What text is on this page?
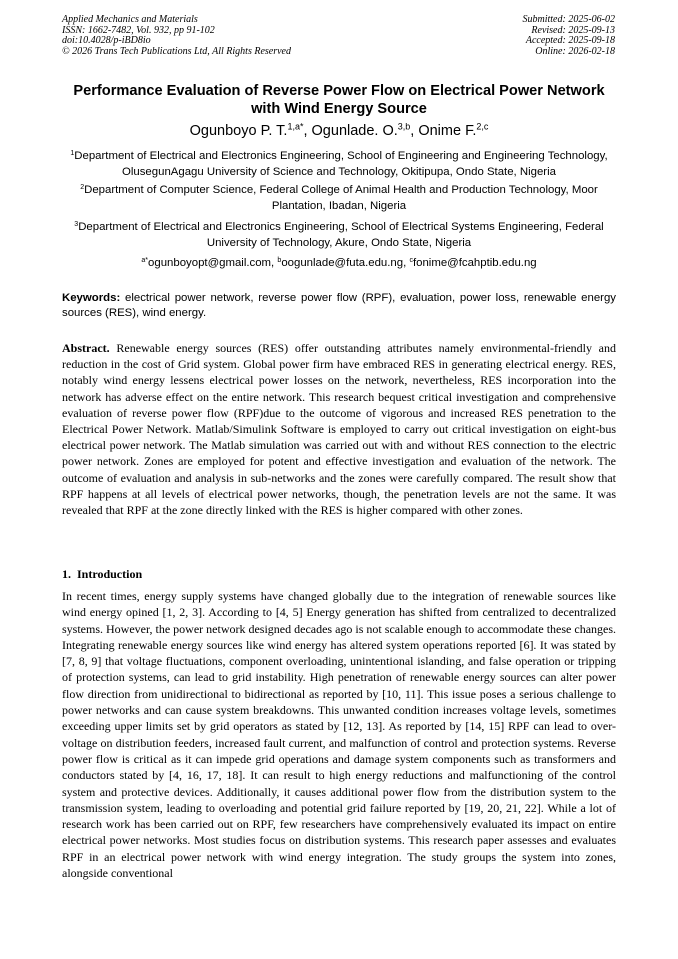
Applied Mechanics and Materials
ISSN: 1662-7482, Vol. 932, pp 91-102
doi:10.4028/p-iBD8io
© 2026 Trans Tech Publications Ltd, All Rights Reserved
Submitted: 2025-06-02
Revised: 2025-09-13
Accepted: 2025-09-18
Online: 2026-02-18
Performance Evaluation of Reverse Power Flow on Electrical Power Network with Wind Energy Source
Ogunboyo P. T.$^{1,a*}$, Ogunlade. O.$^{3,b}$, Onime F.$^{2,c}$
$^1$Department of Electrical and Electronics Engineering, School of Engineering and Engineering Technology, OlusegunAgagu University of Science and Technology, Okitipupa, Ondo State, Nigeria
$^2$Department of Computer Science, Federal College of Animal Health and Production Technology, Moor Plantation, Ibadan, Nigeria
$^3$Department of Electrical and Electronics Engineering, School of Electrical Systems Engineering, Federal University of Technology, Akure, Ondo State, Nigeria
$^{a*}$ogunboyopt@gmail.com, $^b$oogunlade@futa.edu.ng, $^c$fonime@fcahptib.edu.ng
Keywords: electrical power network, reverse power flow (RPF), evaluation, power loss, renewable energy sources (RES), wind energy.
Abstract. Renewable energy sources (RES) offer outstanding attributes namely environmental-friendly and reduction in the cost of Grid system. Global power firm have embraced RES in generating electrical energy. RES, notably wind energy lessens electrical power losses on the network, nevertheless, RES incorporation into the network has adverse effect on the entire network. This research bequest critical investigation and comprehensive evaluation of reverse power flow (RPF)due to the outcome of vigorous and increased RES penetration to the Electrical Power Network. Matlab/Simulink Software is employed to carry out critical investigation on eight-bus electrical power network. The Matlab simulation was carried out with and without RES connection to the electric power network. Zones are employed for potent and effective investigation and evaluation of the network. The outcome of evaluation and analysis in sub-networks and the zones were carefully compared. The result show that RPF happens at all levels of electrical power networks, though, the penetration levels are not the same. It was revealed that RPF at the zone directly linked with the RES is higher compared with other zones.
1. Introduction
In recent times, energy supply systems have changed globally due to the integration of renewable sources like wind energy opined [1, 2, 3]. According to [4, 5] Energy generation has shifted from centralized to decentralized systems. However, the power network designed decades ago is not scalable enough to accommodate these changes. Integrating renewable energy sources like wind energy has altered system operations reported [6]. It was stated by [7, 8, 9] that voltage fluctuations, component overloading, unintentional islanding, and false operation or tripping of protection systems, can lead to grid instability. High penetration of renewable energy sources can alter power flow direction from unidirectional to bidirectional as reported by [10, 11]. This issue poses a serious challenge to power networks and can cause system breakdowns. This unwanted condition increases voltage levels, sometimes exceeding upper limits set by grid operators as stated by [12, 13]. As reported by [14, 15] RPF can lead to over-voltage on distribution feeders, increased fault current, and malfunction of control and protection systems. Reverse power flow is critical as it can impede grid operations and damage system components such as transformers and conductors stated by [4, 16, 17, 18]. It can result to high energy reductions and malfunctioning of the control system and protective devices. Additionally, it causes additional power flow from the distribution system to the transmission system, leading to overloading and potential grid failure reported by [19, 20, 21, 22]. While a lot of research work has been carried out on RPF, few researchers have comprehensively evaluated its impact on entire electrical power networks. Most studies focus on distribution systems. This research paper assesses and evaluates RPF in an electrical power network with wind energy integration. The study groups the system into zones, alongside conventional
